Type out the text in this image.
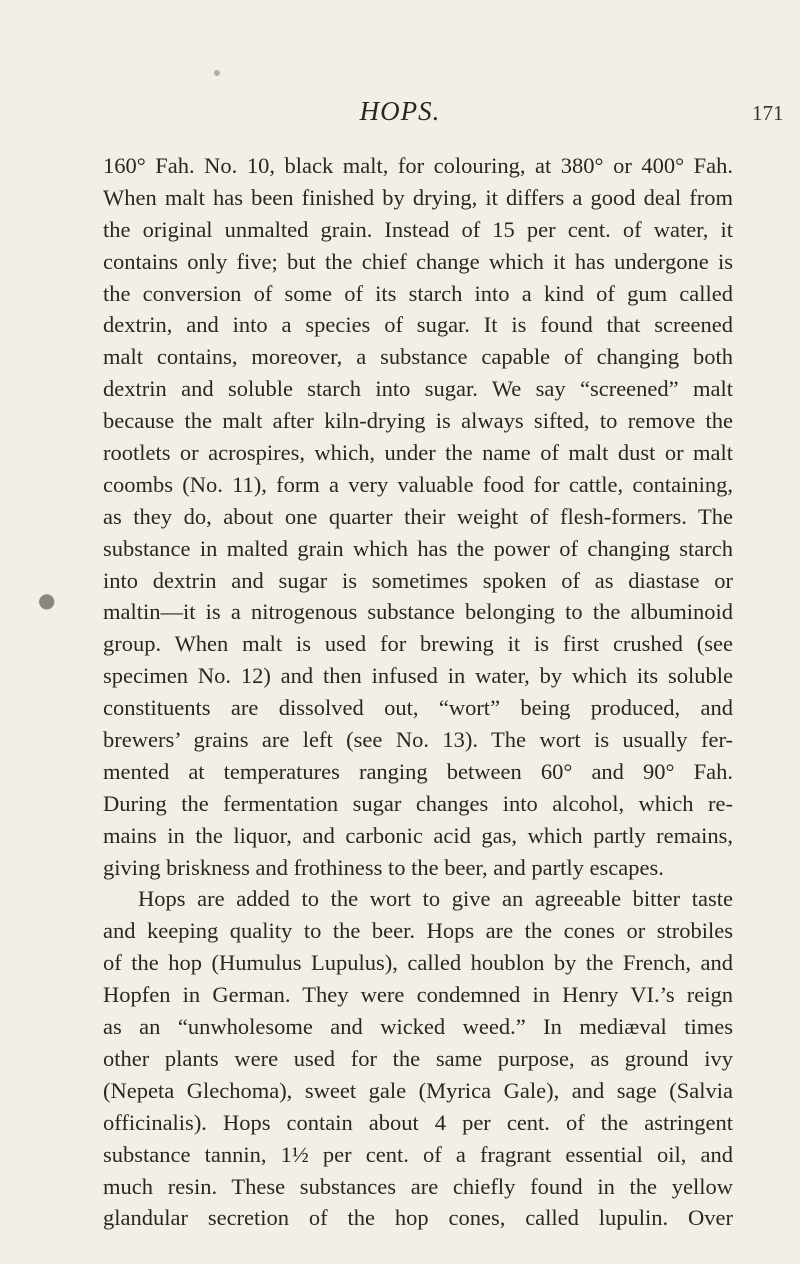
●
HOPS.	171
160° Fah. No. 10, black malt, for colouring, at 380° or 400° Fah.
When malt has been finished by drying, it differs a good deal from
the original unmalted grain. Instead of 15 per cent. of water, it
contains only five; but the chief change which it has undergone is
the conversion of some of its starch into a kind of gum called
dextrin, and into a species of sugar. It is found that screened
malt contains, moreover, a substance capable of changing both
dextrin and soluble starch into sugar. We say “screened” malt
because the malt after kiln-drying is always sifted, to remove the
rootlets or acrospires, which, under the name of malt dust or malt
coombs (No. 11), form a very valuable food for cattle, containing,
as they do, about one quarter their weight of flesh-formers. The
substance in malted grain which has the power of changing starch
into dextrin and sugar is sometimes spoken of as diastase or
maltin—it is a nitrogenous substance belonging to the albuminoid
group. When malt is used for brewing it is first crushed (see
specimen No. 12) and then infused in water, by which its soluble
constituents are dissolved out, “wort” being produced, and
brewers’ grains are left (see No. 13). The wort is usually fer-
mented at temperatures ranging between 60° and 90° Fah.
During the fermentation sugar changes into alcohol, which re-
mains in the liquor, and carbonic acid gas, which partly remains,
giving briskness and frothiness to the beer, and partly escapes.
Hops are added to the wort to give an agreeable bitter taste
and keeping quality to the beer. Hops are the cones or strobiles
of the hop (Humulus Lupulus), called houblon by the French, and
Hopfen in German. They were condemned in Henry VI.’s reign
as an “unwholesome and wicked weed.” In mediæval times
other plants were used for the same purpose, as ground ivy
(Nepeta Glechoma), sweet gale (Myrica Gale), and sage (Salvia
officinalis). Hops contain about 4 per cent. of the astringent
substance tannin, 1½ per cent. of a fragrant essential oil, and
much resin. These substances are chiefly found in the yellow
glandular secretion of the hop cones, called lupulin. Over
